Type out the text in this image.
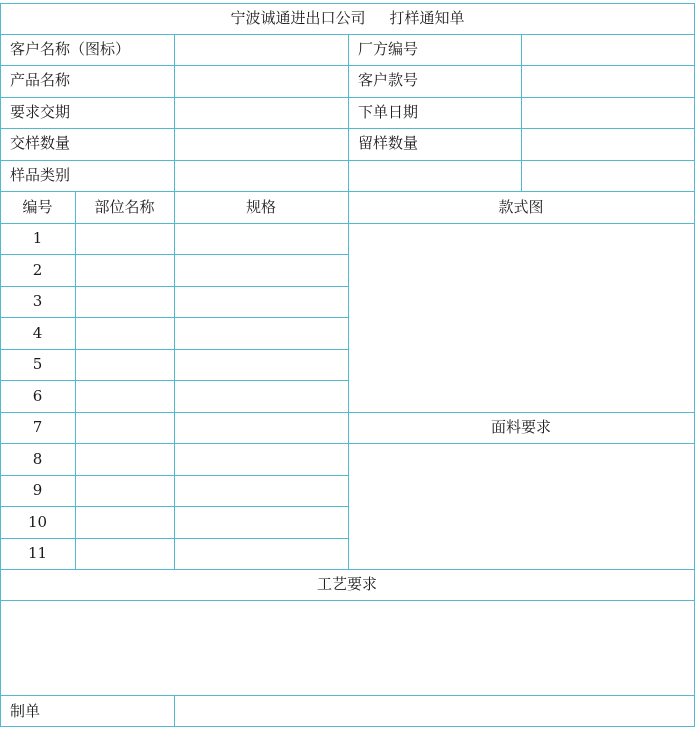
宁波诚通进出口公司 打样通知单
客户名称（图标）	厂方编号
产品名称	客户款号
要求交期	下单日期
交样数量	留样数量
样品类别
编号	部位名称	规格	款式图
1
2
3
4
5
6
7
8
9
10
11
面料要求
工艺要求
制单
